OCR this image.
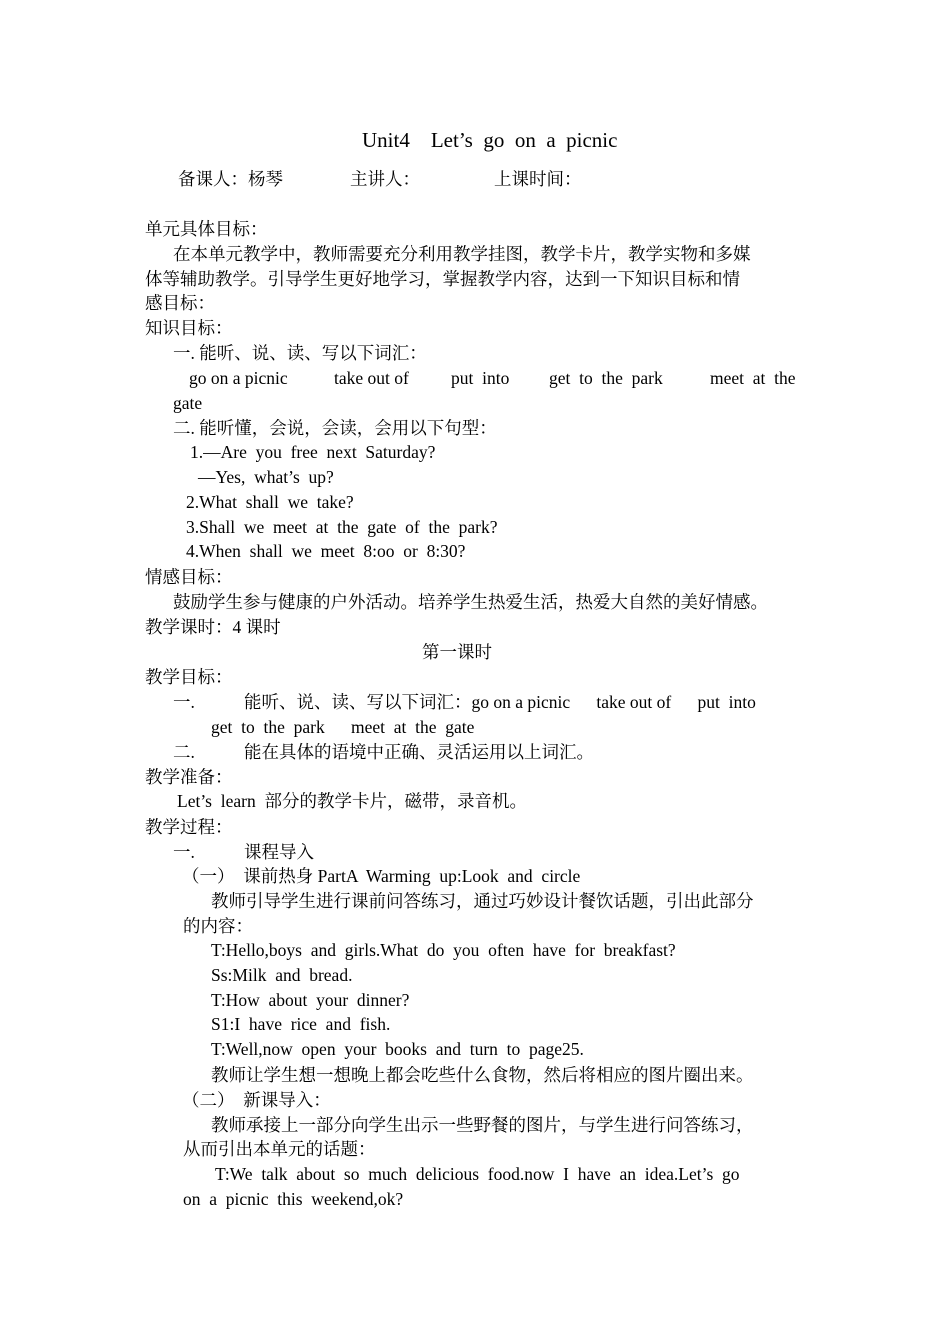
Unit4    Let’s  go  on  a  picnic
备课人：杨琴	主讲人：	上课时间：
单元具体目标：
在本单元教学中，教师需要充分利用教学挂图，教学卡片，教学实物和多媒
体等辅助教学。引导学生更好地学习，掌握教学内容，达到一下知识目标和情
感目标：
知识目标：
一. 能听、说、读、写以下词汇：
go on a picnic	take out of put  into get  to  the  park	meet  at  the
gate
二. 能听懂，会说，会读，会用以下句型：
1.—Are  you  free  next  Saturday?
—Yes,  what’s  up?
2.What  shall  we  take?
3.Shall  we  meet  at  the  gate  of  the  park?
4.When  shall  we  meet  8:oo  or  8:30?
情感目标：
鼓励学生参与健康的户外活动。培养学生热爱生活，热爱大自然的美好情感。
教学课时：4 课时
第一课时
教学目标：
一.	能听、说、读、写以下词汇：go on a picnic      take out of      put  into
get  to  the  park      meet  at  the  gate
二.	能在具体的语境中正确、灵活运用以上词汇。
教学准备：
Let’s  learn  部分的教学卡片，磁带，录音机。
教学过程：
一.	课程导入
（一）  课前热身 PartA  Warming  up:Look  and  circle
教师引导学生进行课前问答练习，通过巧妙设计餐饮话题，引出此部分
的内容：
T:Hello,boys  and  girls.What  do  you  often  have  for  breakfast?
Ss:Milk  and  bread.
T:How  about  your  dinner?
S1:I  have  rice  and  fish.
T:Well,now  open  your  books  and  turn  to  page25.
教师让学生想一想晚上都会吃些什么食物，然后将相应的图片圈出来。
（二）  新课导入：
教师承接上一部分向学生出示一些野餐的图片，与学生进行问答练习，
从而引出本单元的话题：
T:We  talk  about  so  much  delicious  food.now  I  have  an  idea.Let’s  go
on  a  picnic  this  weekend,ok?
